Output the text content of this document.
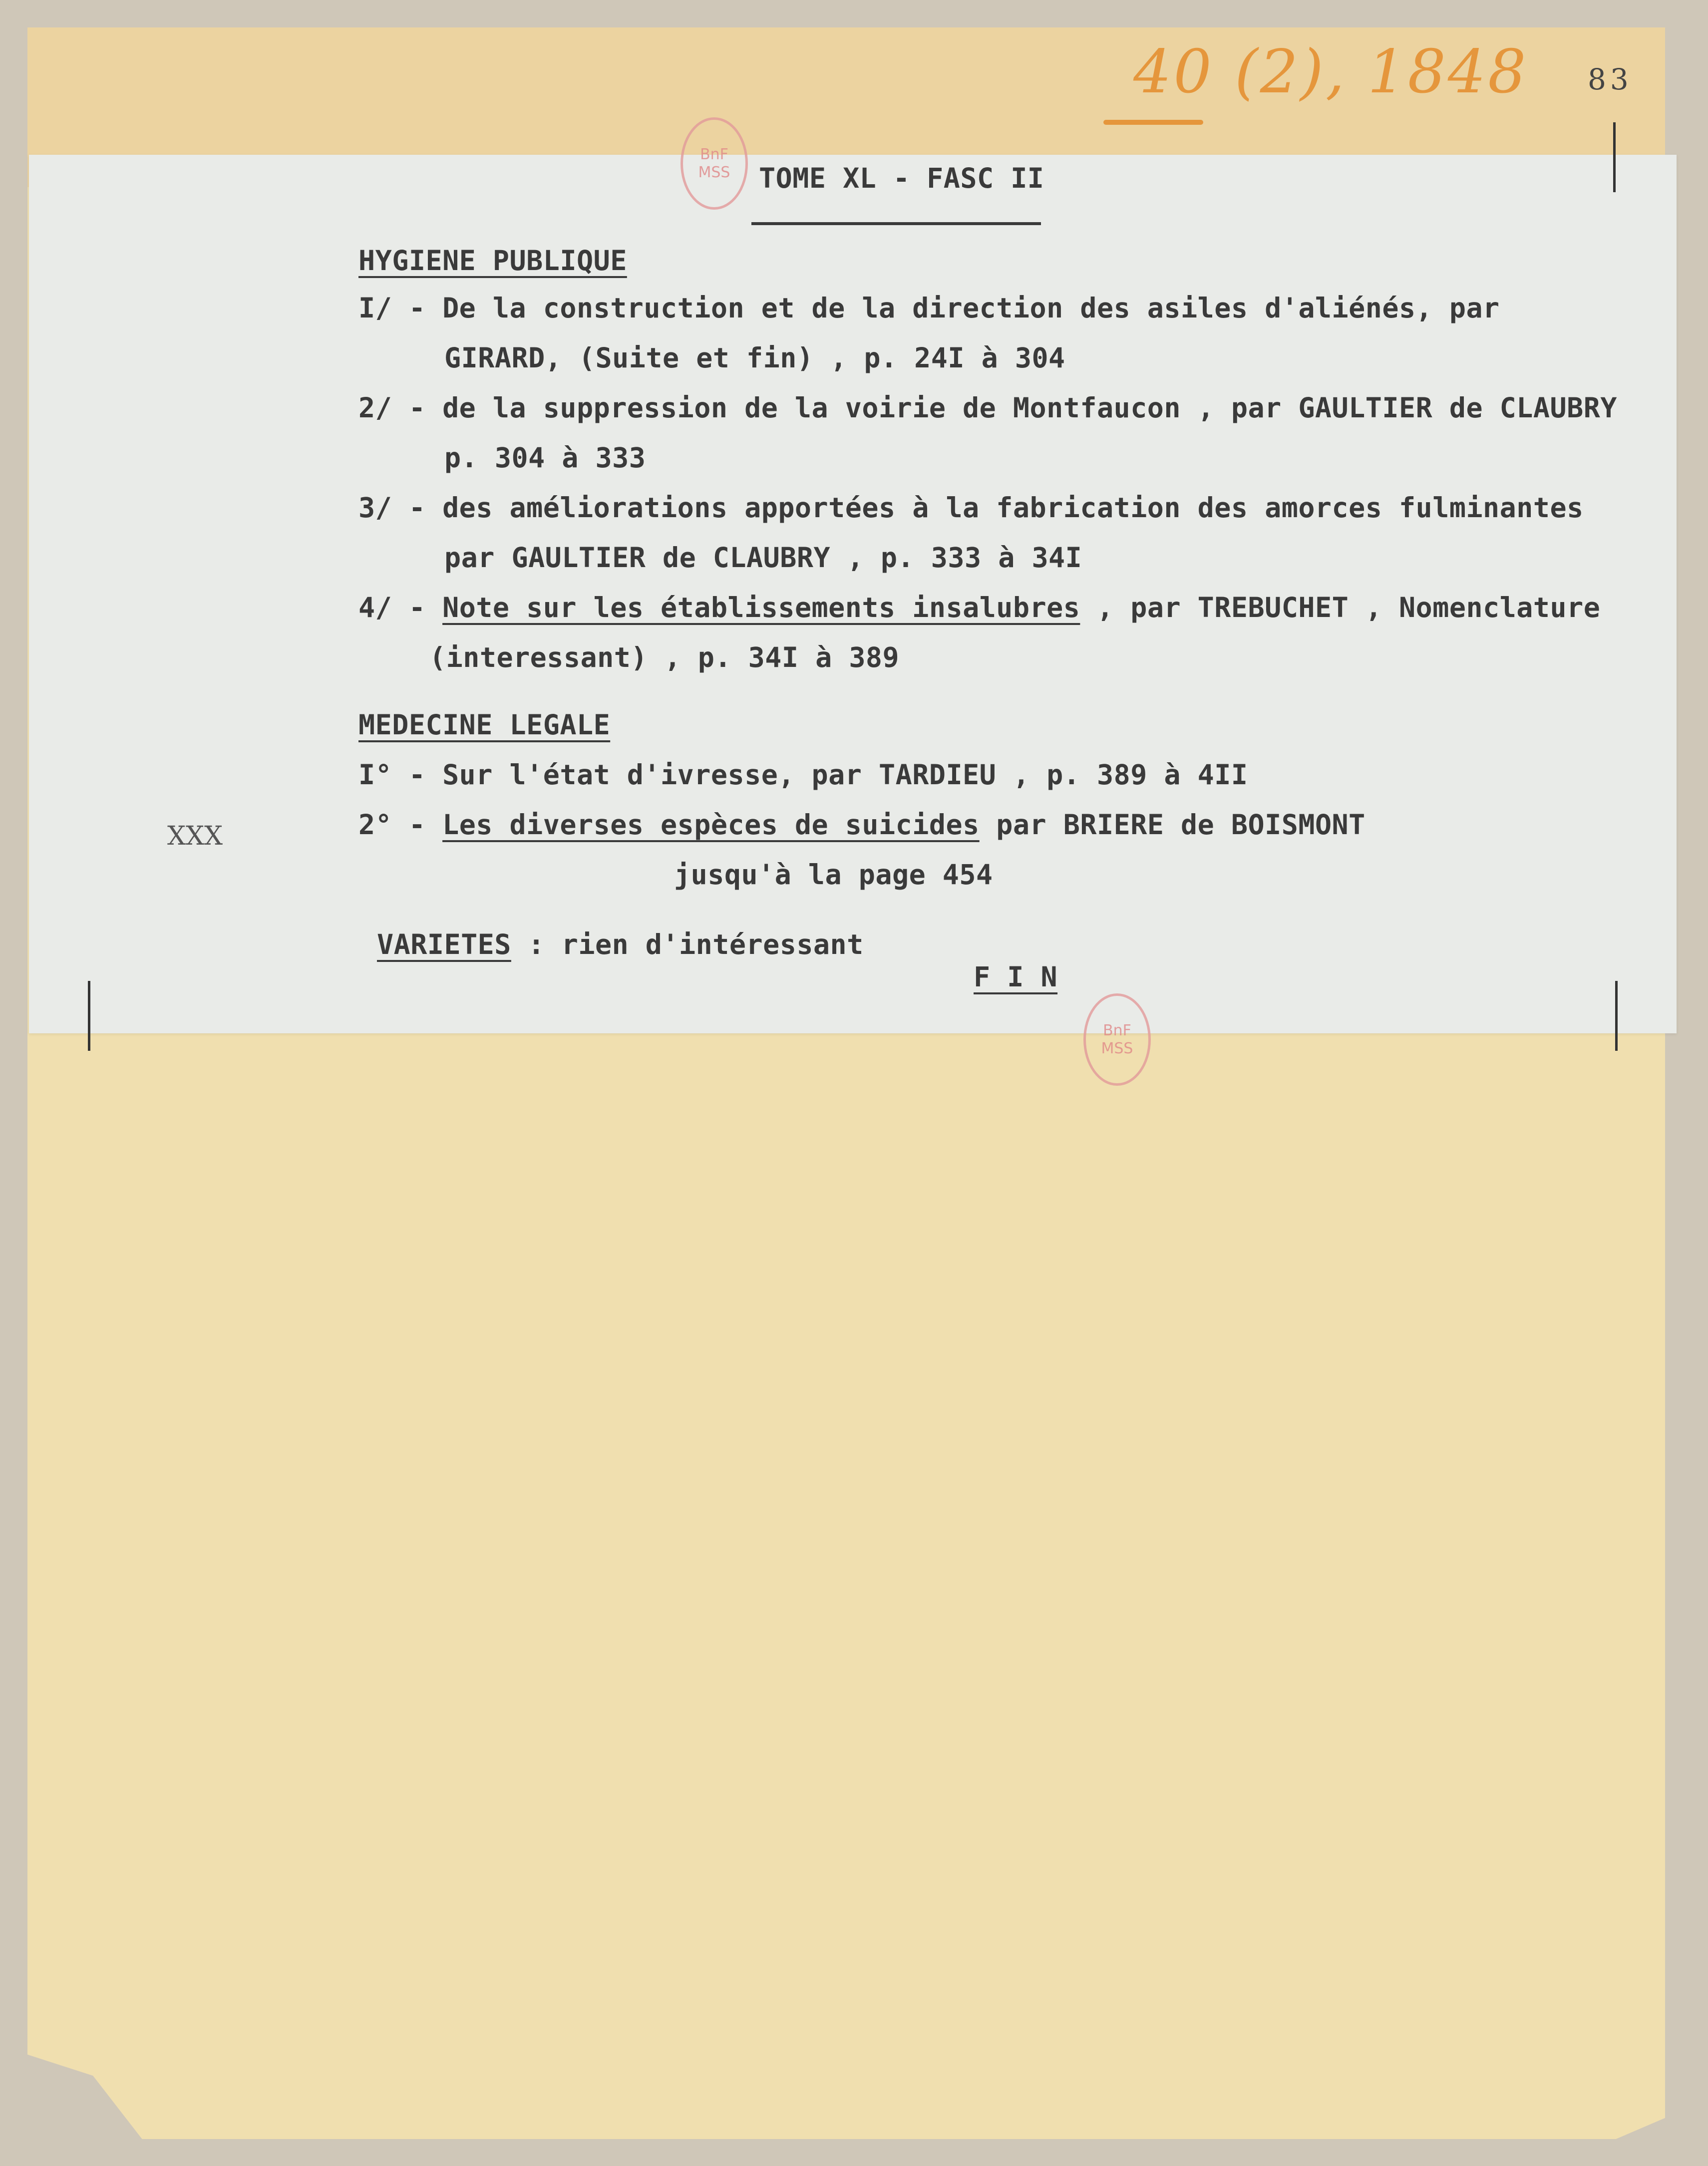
40 (2), 1848 83
BnF
MSS
BnF
MSS
TOME XL - FASC II
HYGIENE PUBLIQUE
I/ - De la construction et de la direction des asiles d'aliénés, par
GIRARD, (Suite et fin) , p. 24I à 304
2/ - de la suppression de la voirie de Montfaucon , par GAULTIER de CLAUBRY
p. 304 à 333
3/ - des améliorations apportées à la fabrication des amorces fulminantes
par GAULTIER de CLAUBRY , p. 333 à 34I
4/ - Note sur les établissements insalubres , par TREBUCHET , Nomenclature
(interessant) , p. 34I à 389
MEDECINE LEGALE
I° - Sur l'état d'ivresse, par TARDIEU , p. 389 à 4II
XXX	2° - Les diverses espèces de suicides par BRIERE de BOISMONT
jusqu'à la page 454
VARIETES : rien d'intéressant
F I N
